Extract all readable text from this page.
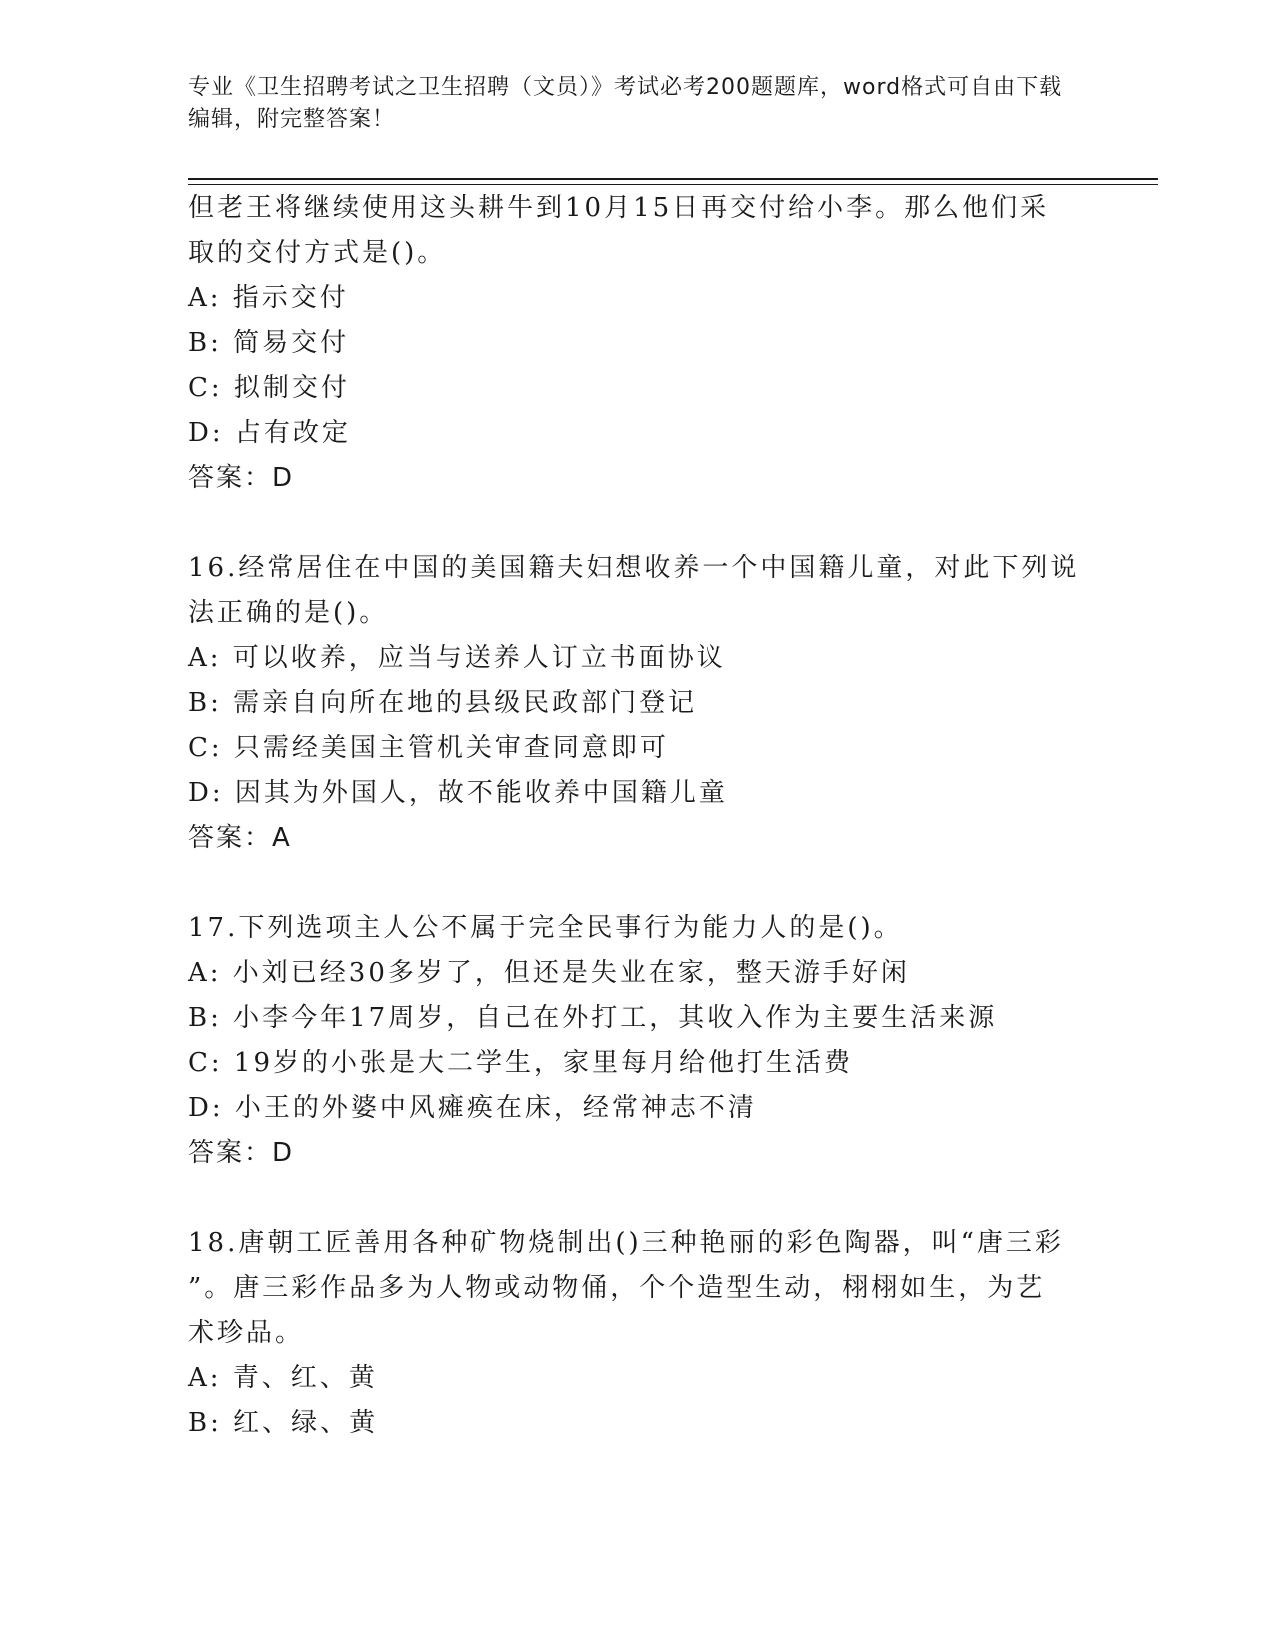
专业《卫生招聘考试之卫生招聘（文员）》考试必考200题题库，word格式可自由下载编辑，附完整答案！

但老王将继续使用这头耕牛到10月15日再交付给小李。那么他们采

取的交付方式是()。

A: 指示交付

B: 简易交付

C: 拟制交付

D: 占有改定

答案：D

16.经常居住在中国的美国籍夫妇想收养一个中国籍儿童，对此下列说

法正确的是()。

A: 可以收养，应当与送养人订立书面协议

B: 需亲自向所在地的县级民政部门登记

C: 只需经美国主管机关审查同意即可

D: 因其为外国人，故不能收养中国籍儿童

答案：A

17.下列选项主人公不属于完全民事行为能力人的是()。

A: 小刘已经30多岁了，但还是失业在家，整天游手好闲

B: 小李今年17周岁，自己在外打工，其收入作为主要生活来源

C: 19岁的小张是大二学生，家里每月给他打生活费

D: 小王的外婆中风瘫痪在床，经常神志不清

答案：D

18.唐朝工匠善用各种矿物烧制出()三种艳丽的彩色陶器，叫“唐三彩

”。唐三彩作品多为人物或动物俑，个个造型生动，栩栩如生，为艺

术珍品。

A: 青、红、黄

B: 红、绿、黄
